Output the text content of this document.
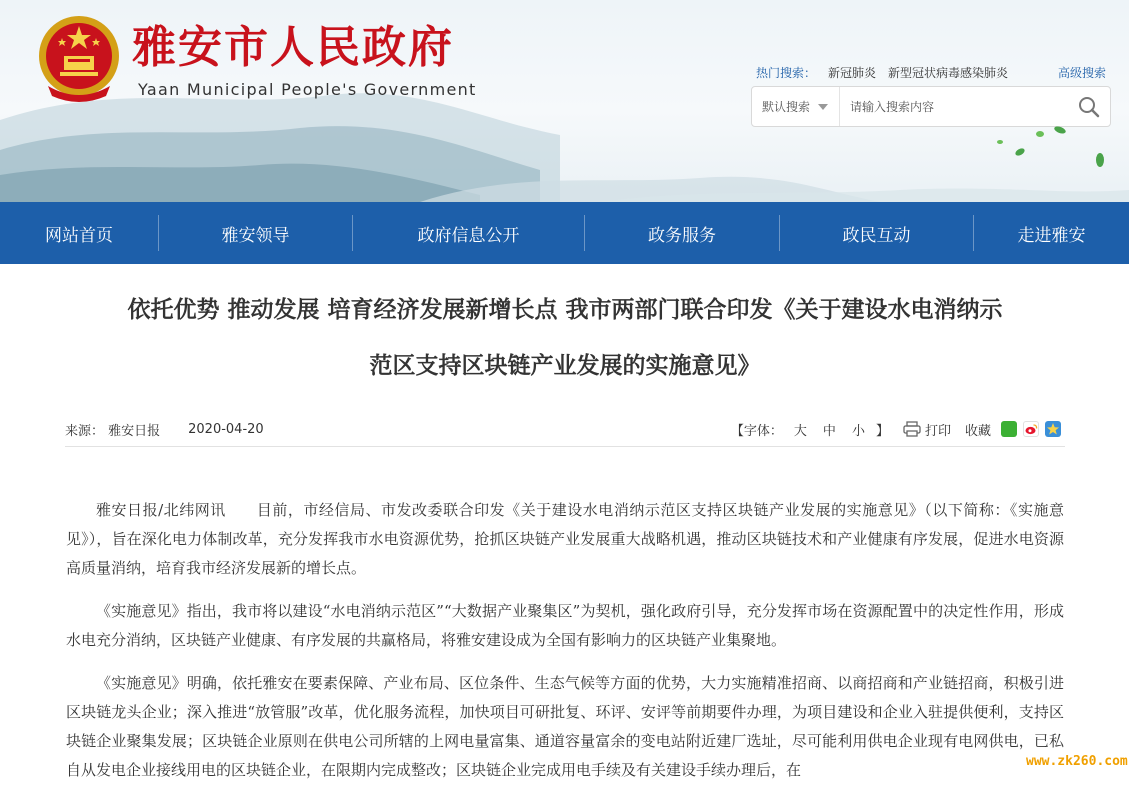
雅安市人民政府
Yaan Municipal People's Government
热门搜索： 新冠肺炎 新型冠状病毒感染肺炎	高级搜索
默认搜索
请输入搜索内容
网站首页	雅安领导	政府信息公开	政务服务	政民互动	走进雅安
依托优势 推动发展 培育经济发展新增长点 我市两部门联合印发《关于建设水电消纳示
范区支持区块链产业发展的实施意见》
来源： 雅安日报 2020-04-20	【字体： 大	中	小 】	打印 收藏

雅安日报/北纬网讯　　目前，市经信局、市发改委联合印发《关于建设水电消纳示范区支持区块链产业发展的实施意见》（以下简称：《实施意见》），旨在深化电力体制改革，充分发挥我市水电资源优势，抢抓区块链产业发展重大战略机遇，推动区块链技术和产业健康有序发展，促进水电资源高质量消纳，培育我市经济发展新的增长点。

《实施意见》指出，我市将以建设“水电消纳示范区”“大数据产业聚集区”为契机，强化政府引导，充分发挥市场在资源配置中的决定性作用，形成水电充分消纳，区块链产业健康、有序发展的共赢格局，将雅安建设成为全国有影响力的区块链产业集聚地。

《实施意见》明确，依托雅安在要素保障、产业布局、区位条件、生态气候等方面的优势，大力实施精准招商、以商招商和产业链招商，积极引进区块链龙头企业；深入推进“放管服”改革，优化服务流程，加快项目可研批复、环评、安评等前期要件办理，为项目建设和企业入驻提供便利，支持区块链企业聚集发展；区块链企业原则在供电公司所辖的上网电量富集、通道容量富余的变电站附近建厂选址，尽可能利用供电企业现有电网供电，已私自从发电企业接线用电的区块链企业，在限期内完成整改；区块链企业完成用电手续及有关建设手续办理后，在	www.zk260.com
